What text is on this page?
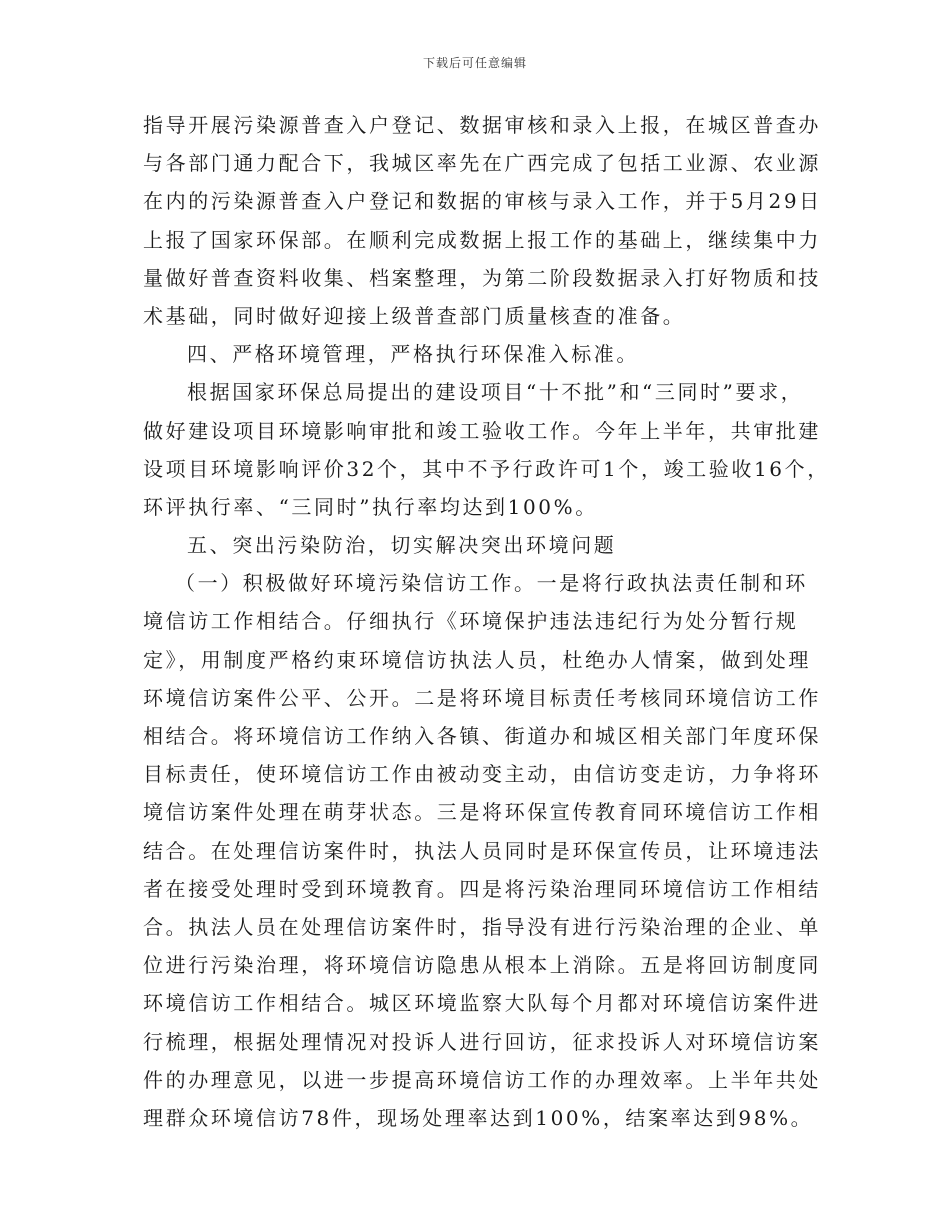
下载后可任意编辑
指导开展污染源普查入户登记、数据审核和录入上报，在城区普查办
与各部门通力配合下，我城区率先在广西完成了包括工业源、农业源
在内的污染源普查入户登记和数据的审核与录入工作，并于5月29日
上报了国家环保部。在顺利完成数据上报工作的基础上，继续集中力
量做好普查资料收集、档案整理，为第二阶段数据录入打好物质和技
术基础，同时做好迎接上级普查部门质量核查的准备。
四、严格环境管理，严格执行环保准入标准。
根据国家环保总局提出的建设项目“十不批”和“三同时”要求，
做好建设项目环境影响审批和竣工验收工作。今年上半年，共审批建
设项目环境影响评价32个，其中不予行政许可1个，竣工验收16个，
环评执行率、“三同时”执行率均达到100%。
五、突出污染防治，切实解决突出环境问题
（一）积极做好环境污染信访工作。一是将行政执法责任制和环
境信访工作相结合。仔细执行《环境保护违法违纪行为处分暂行规
定》，用制度严格约束环境信访执法人员，杜绝办人情案，做到处理
环境信访案件公平、公开。二是将环境目标责任考核同环境信访工作
相结合。将环境信访工作纳入各镇、街道办和城区相关部门年度环保
目标责任，使环境信访工作由被动变主动，由信访变走访，力争将环
境信访案件处理在萌芽状态。三是将环保宣传教育同环境信访工作相
结合。在处理信访案件时，执法人员同时是环保宣传员，让环境违法
者在接受处理时受到环境教育。四是将污染治理同环境信访工作相结
合。执法人员在处理信访案件时，指导没有进行污染治理的企业、单
位进行污染治理，将环境信访隐患从根本上消除。五是将回访制度同
环境信访工作相结合。城区环境监察大队每个月都对环境信访案件进
行梳理，根据处理情况对投诉人进行回访，征求投诉人对环境信访案
件的办理意见，以进一步提高环境信访工作的办理效率。上半年共处
理群众环境信访78件，现场处理率达到100%，结案率达到98%。
